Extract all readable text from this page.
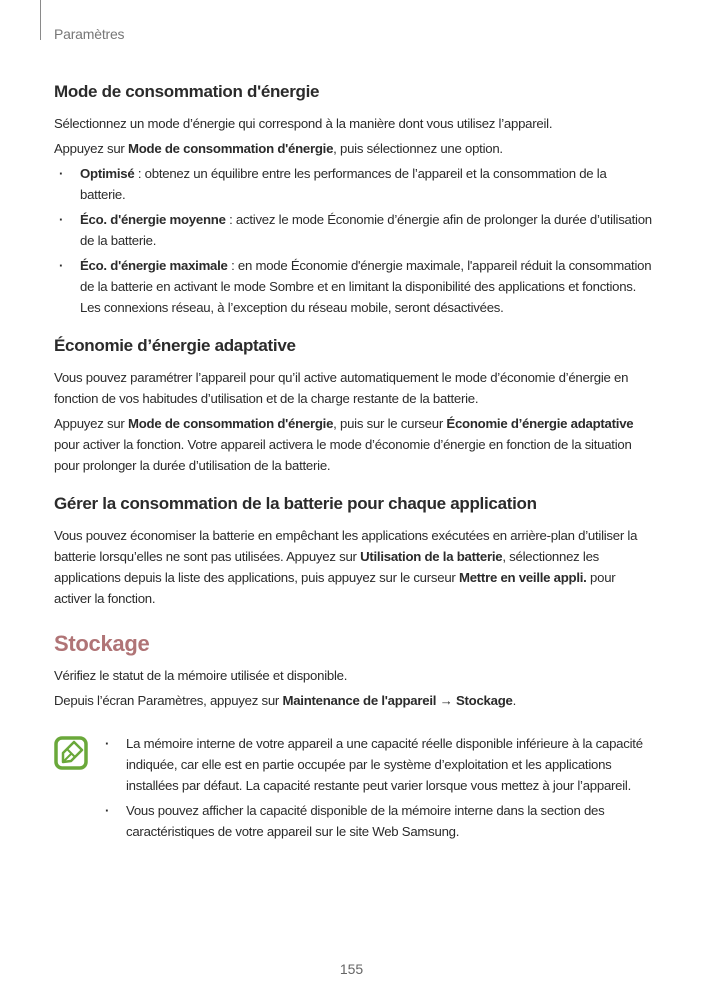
Paramètres
Mode de consommation d'énergie

Sélectionnez un mode d’énergie qui correspond à la manière dont vous utilisez l’appareil.

Appuyez sur Mode de consommation d'énergie, puis sélectionnez une option.

· Optimisé : obtenez un équilibre entre les performances de l’appareil et la consommation de la batterie.
· Éco. d'énergie moyenne : activez le mode Économie d’énergie afin de prolonger la durée d’utilisation de la batterie.
· Éco. d'énergie maximale : en mode Économie d'énergie maximale, l'appareil réduit la consommation de la batterie en activant le mode Sombre et en limitant la disponibilité des applications et fonctions. Les connexions réseau, à l’exception du réseau mobile, seront désactivées.
Économie d’énergie adaptative

Vous pouvez paramétrer l’appareil pour qu’il active automatiquement le mode d’économie d’énergie en fonction de vos habitudes d’utilisation et de la charge restante de la batterie.

Appuyez sur Mode de consommation d'énergie, puis sur le curseur Économie d’énergie adaptative pour activer la fonction. Votre appareil activera le mode d’économie d’énergie en fonction de la situation pour prolonger la durée d’utilisation de la batterie.

Gérer la consommation de la batterie pour chaque application

Vous pouvez économiser la batterie en empêchant les applications exécutées en arrière-plan d’utiliser la batterie lorsqu’elles ne sont pas utilisées. Appuyez sur Utilisation de la batterie, sélectionnez les applications depuis la liste des applications, puis appuyez sur le curseur Mettre en veille appli. pour activer la fonction.

Stockage

Vérifiez le statut de la mémoire utilisée et disponible.

Depuis l’écran Paramètres, appuyez sur Maintenance de l'appareil → Stockage.

· La mémoire interne de votre appareil a une capacité réelle disponible inférieure à la capacité indiquée, car elle est en partie occupée par le système d’exploitation et les applications installées par défaut. La capacité restante peut varier lorsque vous mettez à jour l’appareil.
· Vous pouvez afficher la capacité disponible de la mémoire interne dans la section des caractéristiques de votre appareil sur le site Web Samsung.
155
